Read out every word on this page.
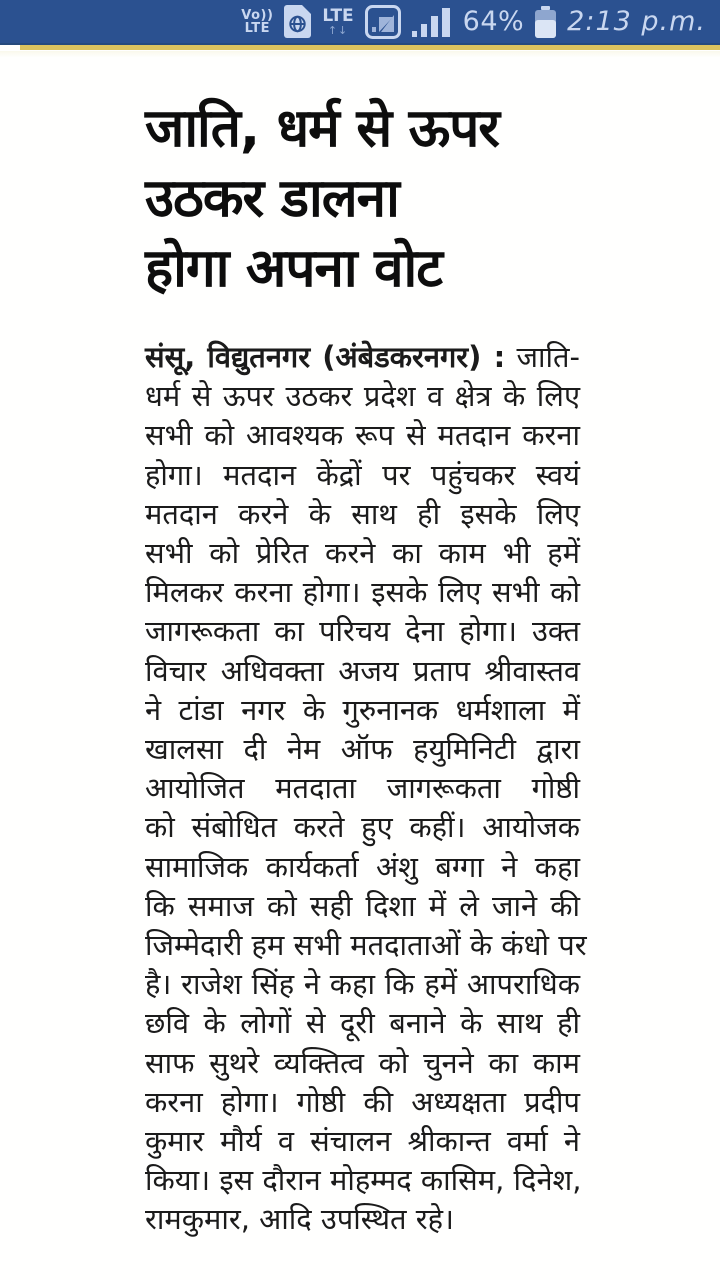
Vo))
LTE
LTE
↑↓	64% 2:13 p.m.
जाति, धर्म से ऊपर
उठकर डालना
होगा अपना वोट
संसू, विद्युतनगर (अंबेडकरनगर) : जाति-
धर्म से ऊपर उठकर प्रदेश व क्षेत्र के लिए
सभी को आवश्यक रूप से मतदान करना
होगा। मतदान केंद्रों पर पहुंचकर स्वयं
मतदान करने के साथ ही इसके लिए
सभी को प्रेरित करने का काम भी हमें
मिलकर करना होगा। इसके लिए सभी को
जागरूकता का परिचय देना होगा। उक्त
विचार अधिवक्ता अजय प्रताप श्रीवास्तव
ने टांडा नगर के गुरुनानक धर्मशाला में
खालसा दी नेम ऑफ हयुमिनिटी द्वारा
आयोजित मतदाता जागरूकता गोष्ठी
को संबोधित करते हुए कहीं। आयोजक
सामाजिक कार्यकर्ता अंशु बग्गा ने कहा
कि समाज को सही दिशा में ले जाने की
जिम्मेदारी हम सभी मतदाताओं के कंधो पर
है। राजेश सिंह ने कहा कि हमें आपराधिक
छवि के लोगों से दूरी बनाने के साथ ही
साफ सुथरे व्यक्तित्व को चुनने का काम
करना होगा। गोष्ठी की अध्यक्षता प्रदीप
कुमार मौर्य व संचालन श्रीकान्त वर्मा ने
किया। इस दौरान मोहम्मद कासिम, दिनेश,
रामकुमार, आदि उपस्थित रहे।
